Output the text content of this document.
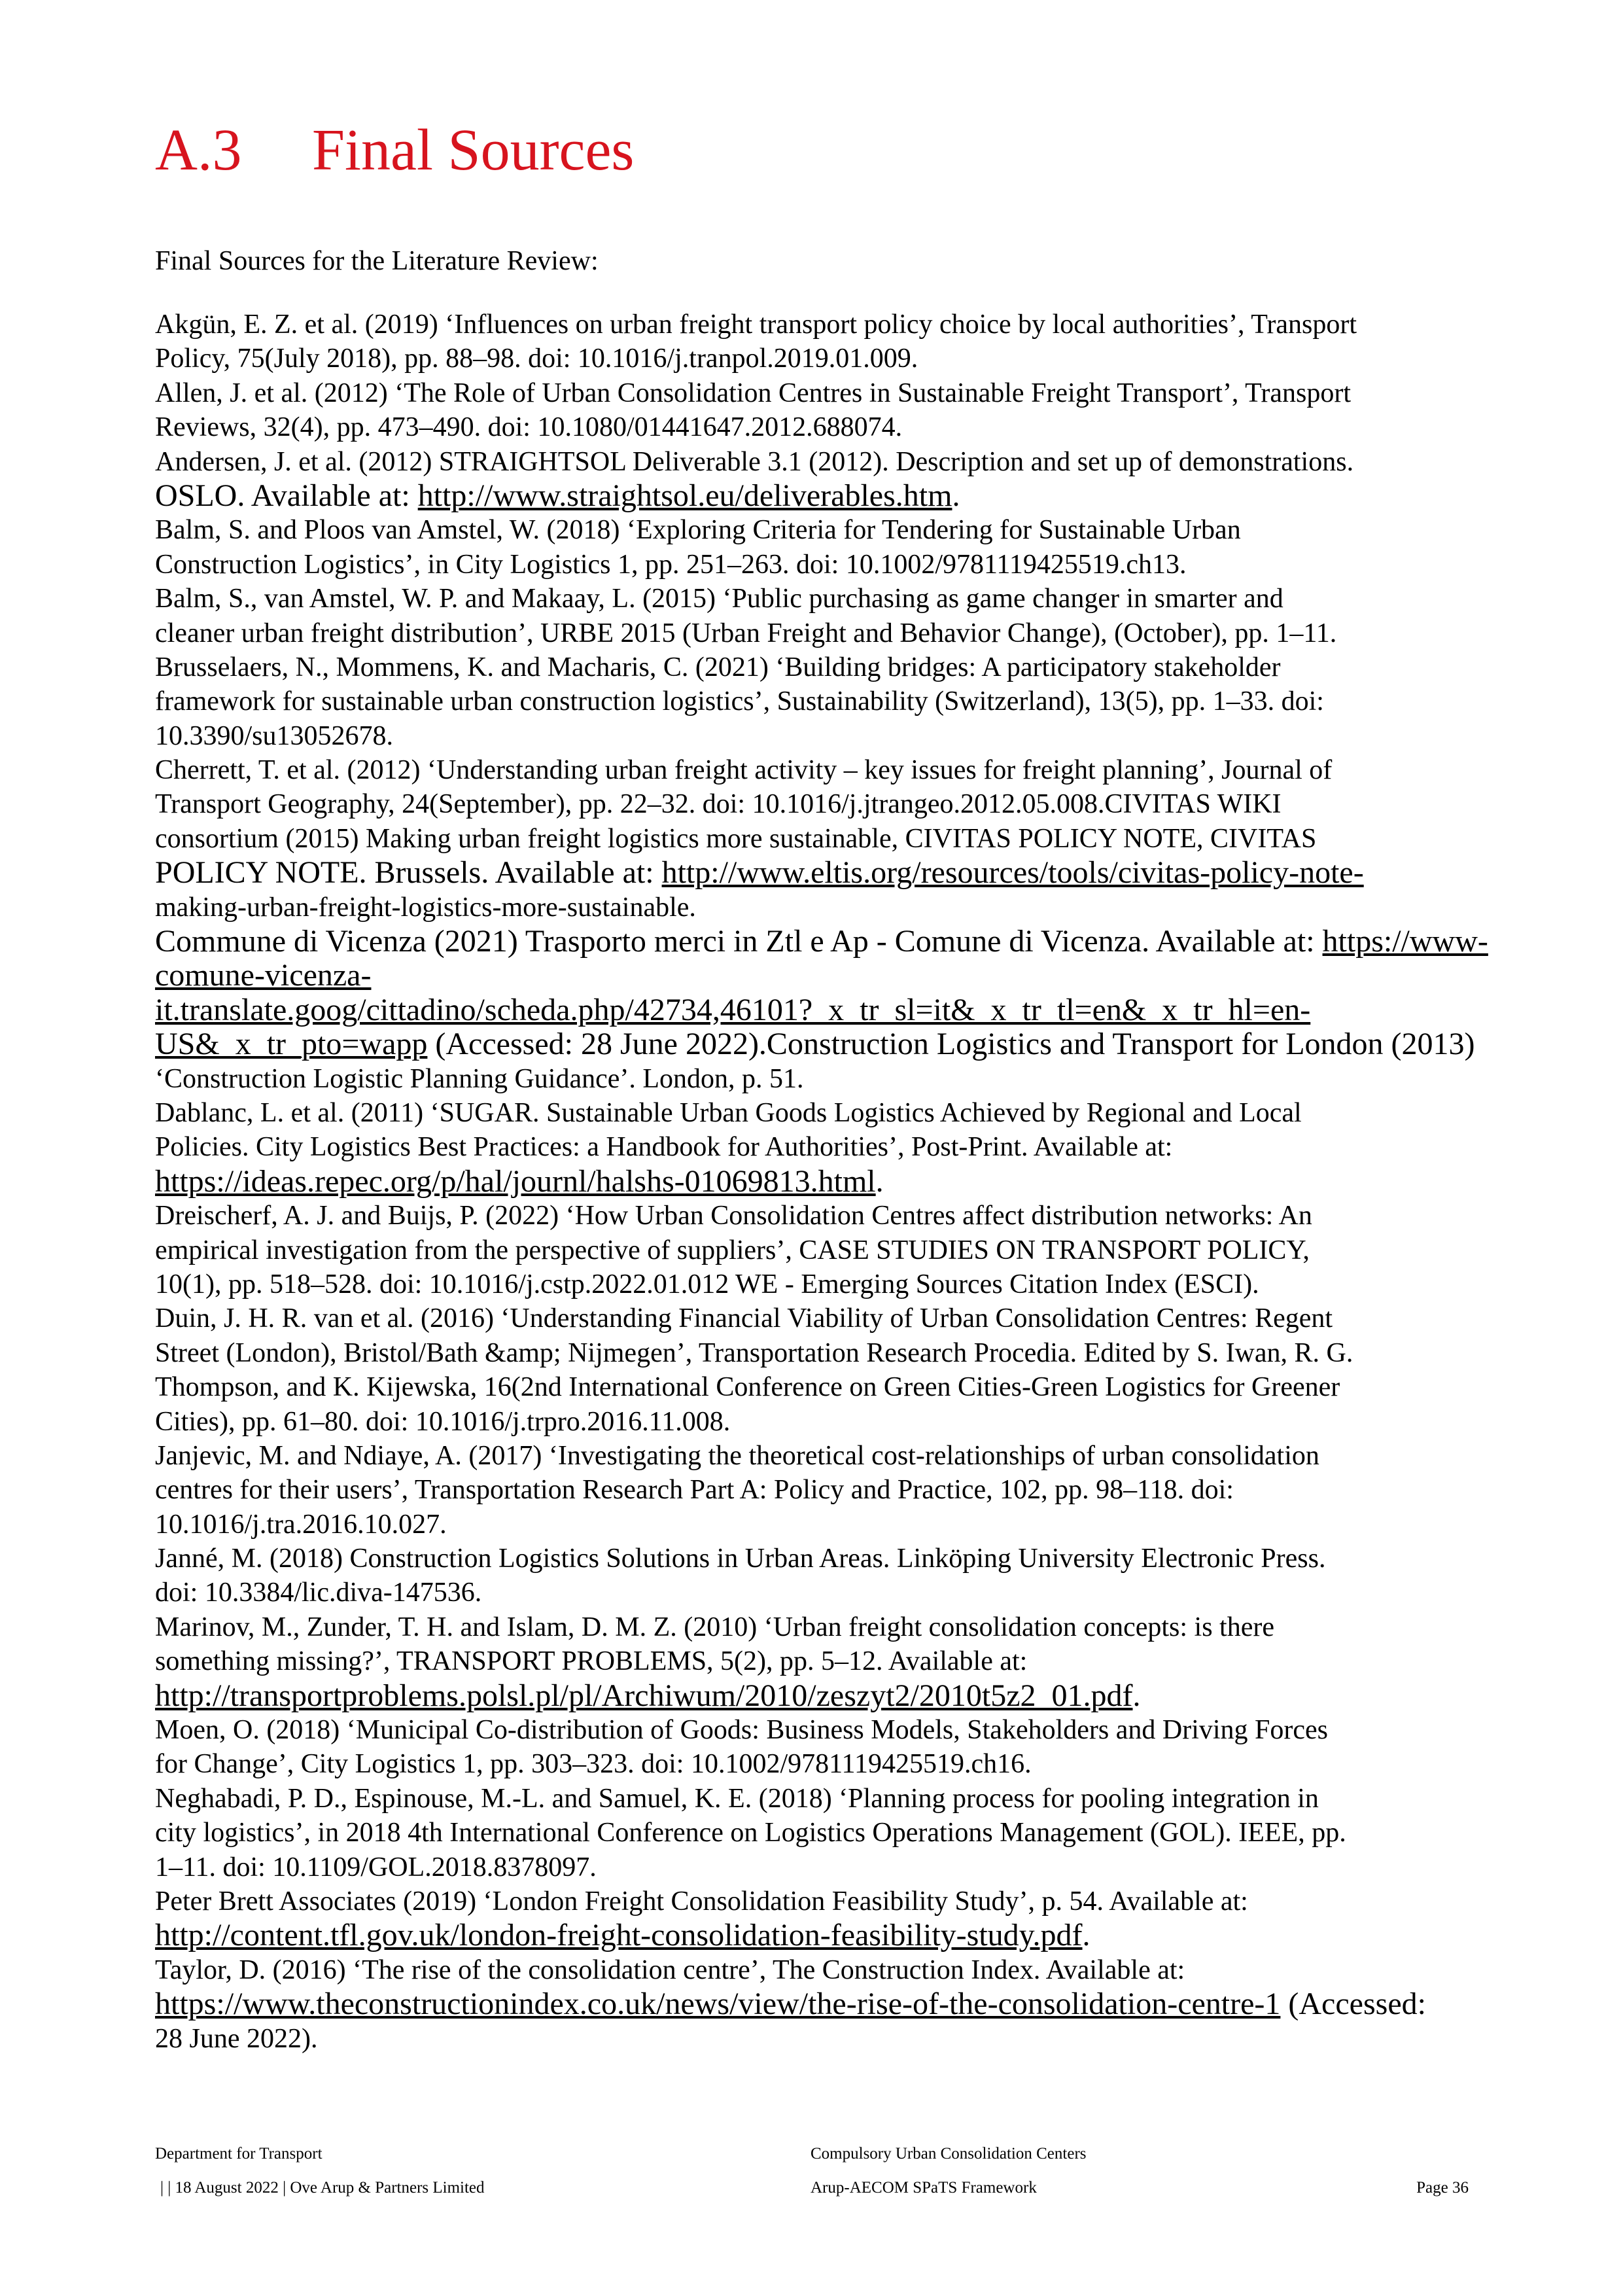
A.3 Final Sources
Final Sources for the Literature Review:
Akgün, E. Z. et al. (2019) ‘Influences on urban freight transport policy choice by local authorities’, Transport
Policy, 75(July 2018), pp. 88–98. doi: 10.1016/j.tranpol.2019.01.009.
Allen, J. et al. (2012) ‘The Role of Urban Consolidation Centres in Sustainable Freight Transport’, Transport
Reviews, 32(4), pp. 473–490. doi: 10.1080/01441647.2012.688074.
Andersen, J. et al. (2012) STRAIGHTSOL Deliverable 3.1 (2012). Description and set up of demonstrations.
OSLO. Available at: http://www.straightsol.eu/deliverables.htm.
Balm, S. and Ploos van Amstel, W. (2018) ‘Exploring Criteria for Tendering for Sustainable Urban
Construction Logistics’, in City Logistics 1, pp. 251–263. doi: 10.1002/9781119425519.ch13.
Balm, S., van Amstel, W. P. and Makaay, L. (2015) ‘Public purchasing as game changer in smarter and
cleaner urban freight distribution’, URBE 2015 (Urban Freight and Behavior Change), (October), pp. 1–11.
Brusselaers, N., Mommens, K. and Macharis, C. (2021) ‘Building bridges: A participatory stakeholder
framework for sustainable urban construction logistics’, Sustainability (Switzerland), 13(5), pp. 1–33. doi:
10.3390/su13052678.
Cherrett, T. et al. (2012) ‘Understanding urban freight activity – key issues for freight planning’, Journal of
Transport Geography, 24(September), pp. 22–32. doi: 10.1016/j.jtrangeo.2012.05.008.CIVITAS WIKI
consortium (2015) Making urban freight logistics more sustainable, CIVITAS POLICY NOTE, CIVITAS
POLICY NOTE. Brussels. Available at: http://www.eltis.org/resources/tools/civitas-policy-note-
making-urban-freight-logistics-more-sustainable.
Commune di Vicenza (2021) Trasporto merci in Ztl e Ap - Comune di Vicenza. Available at: https://www-
comune-vicenza-
it.translate.goog/cittadino/scheda.php/42734,46101?_x_tr_sl=it&_x_tr_tl=en&_x_tr_hl=en-
US&_x_tr_pto=wapp (Accessed: 28 June 2022).Construction Logistics and Transport for London (2013)
‘Construction Logistic Planning Guidance’. London, p. 51.
Dablanc, L. et al. (2011) ‘SUGAR. Sustainable Urban Goods Logistics Achieved by Regional and Local
Policies. City Logistics Best Practices: a Handbook for Authorities’, Post-Print. Available at:
https://ideas.repec.org/p/hal/journl/halshs-01069813.html.
Dreischerf, A. J. and Buijs, P. (2022) ‘How Urban Consolidation Centres affect distribution networks: An
empirical investigation from the perspective of suppliers’, CASE STUDIES ON TRANSPORT POLICY,
10(1), pp. 518–528. doi: 10.1016/j.cstp.2022.01.012 WE - Emerging Sources Citation Index (ESCI).
Duin, J. H. R. van et al. (2016) ‘Understanding Financial Viability of Urban Consolidation Centres: Regent
Street (London), Bristol/Bath &amp; Nijmegen’, Transportation Research Procedia. Edited by S. Iwan, R. G.
Thompson, and K. Kijewska, 16(2nd International Conference on Green Cities-Green Logistics for Greener
Cities), pp. 61–80. doi: 10.1016/j.trpro.2016.11.008.
Janjevic, M. and Ndiaye, A. (2017) ‘Investigating the theoretical cost-relationships of urban consolidation
centres for their users’, Transportation Research Part A: Policy and Practice, 102, pp. 98–118. doi:
10.1016/j.tra.2016.10.027.
Janné, M. (2018) Construction Logistics Solutions in Urban Areas. Linköping University Electronic Press.
doi: 10.3384/lic.diva-147536.
Marinov, M., Zunder, T. H. and Islam, D. M. Z. (2010) ‘Urban freight consolidation concepts: is there
something missing?’, TRANSPORT PROBLEMS, 5(2), pp. 5–12. Available at:
http://transportproblems.polsl.pl/pl/Archiwum/2010/zeszyt2/2010t5z2_01.pdf.
Moen, O. (2018) ‘Municipal Co-distribution of Goods: Business Models, Stakeholders and Driving Forces
for Change’, City Logistics 1, pp. 303–323. doi: 10.1002/9781119425519.ch16.
Neghabadi, P. D., Espinouse, M.-L. and Samuel, K. E. (2018) ‘Planning process for pooling integration in
city logistics’, in 2018 4th International Conference on Logistics Operations Management (GOL). IEEE, pp.
1–11. doi: 10.1109/GOL.2018.8378097.
Peter Brett Associates (2019) ‘London Freight Consolidation Feasibility Study’, p. 54. Available at:
http://content.tfl.gov.uk/london-freight-consolidation-feasibility-study.pdf.
Taylor, D. (2016) ‘The rise of the consolidation centre’, The Construction Index. Available at:
https://www.theconstructionindex.co.uk/news/view/the-rise-of-the-consolidation-centre-1 (Accessed:
28 June 2022).
Department for Transport	Compulsory Urban Consolidation Centers
| | 18 August 2022 | Ove Arup & Partners Limited	Arup-AECOM SPaTS Framework	Page 36
